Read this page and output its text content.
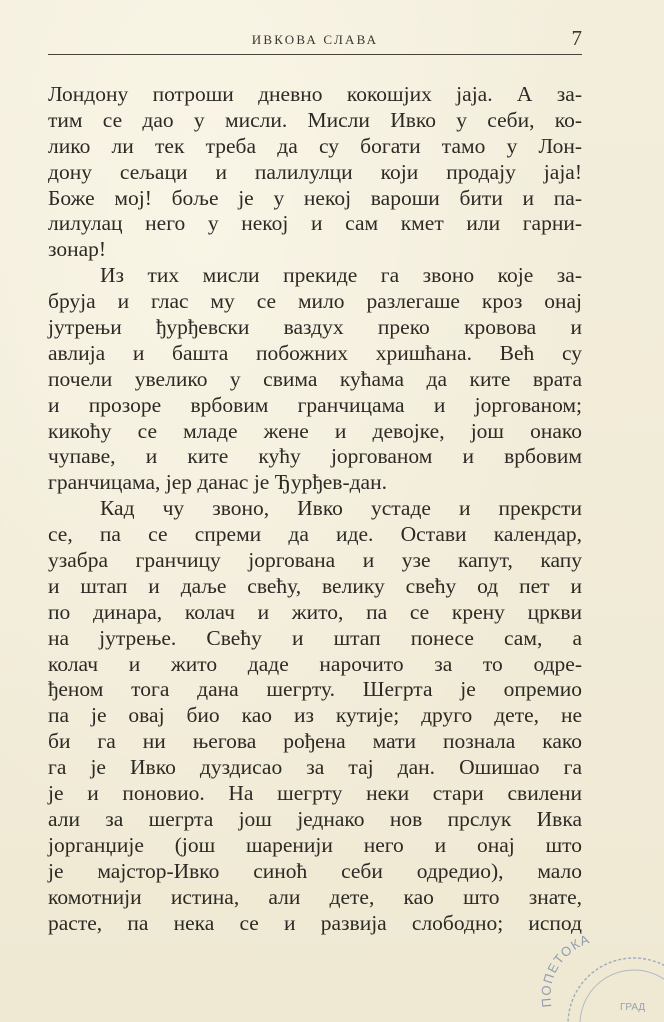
ИВКОВА СЛАВА	7
Лондону потроши дневно кокошјих јаја. А за-
тим се дао у мисли. Мисли Ивко у себи, ко-
лико ли тек треба да су богати тамо у Лон-
дону сељаци и палилулци који продају јаја!
Боже мој! боље је у некој вароши бити и па-
лилулац него у некој и сам кмет или гарни-
зонар!
Из тих мисли прекиде га звоно које за-
бруја и глас му се мило разлегаше кроз онај
јутрењи ђурђевски ваздух преко кровова и
авлија и башта побожних хришћана. Већ су
почели увелико у свима кућама да ките врата
и прозоре врбовим гранчицама и јоргованом;
кикоћу се младе жене и девојке, још онако
чупаве, и ките кућу јоргованом и врбовим
гранчицама, јер данас је Ђурђев-дан.
Кад чу звоно, Ивко устаде и прекрсти
се, па се спреми да иде. Остави календар,
узабра гранчицу јоргована и узе капут, капу
и штап и даље свећу, велику свећу од пет и
по динара, колач и жито, па се крену цркви
на јутрење. Свећу и штап понесе сам, а
колач и жито даде нарочито за то одре-
ђеном тога дана шегрту. Шегрта је опремио
па је овај био као из кутије; друго дете, не
би га ни његова рођена мати познала како
га је Ивко дуздисао за тај дан. Ошишао га
је и поновио. На шегрту неки стари свилени
али за шегрта још једнако нов прслук Ивка
јорганџије (још шаренији него и онај што
је мајстор-Ивко синоћ себи одредио), мало
комотнији истина, али дете, као што знате,
расте, па нека се и развија слободно; испод
ПОПЕТОКА
ГРАД
